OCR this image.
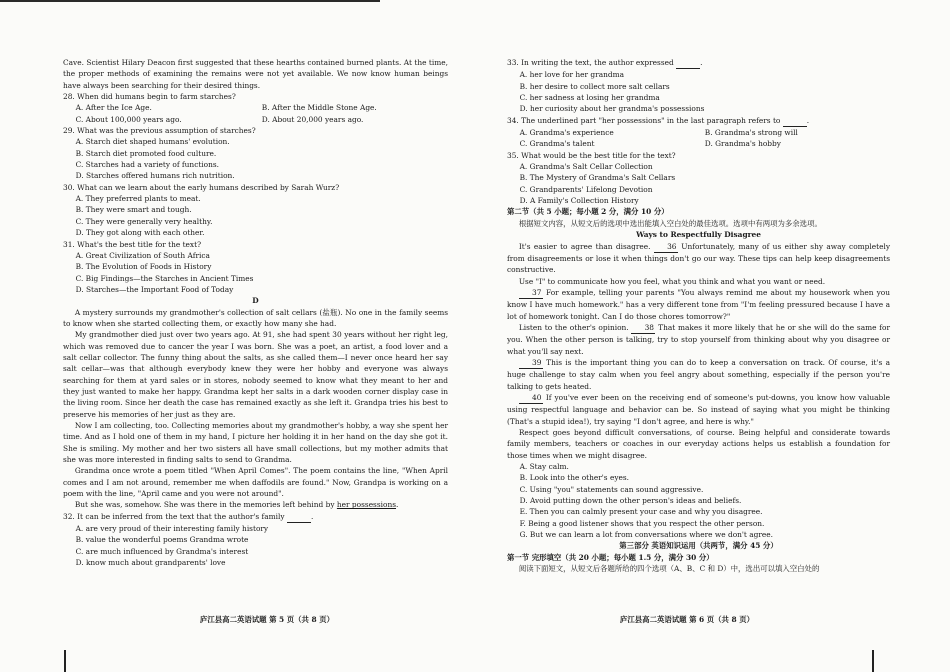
Cave. Scientist Hilary Deacon first suggested that these hearths contained burned plants. At the time, the proper methods of examining the remains were not yet available. We now know human beings have always been searching for their desired things.
28. When did humans begin to farm starches?
A. After the Ice Age.	B. After the Middle Stone Age.
C. About 100,000 years ago.	D. About 20,000 years ago.
29. What was the previous assumption of starches?
A. Starch diet shaped humans' evolution.
B. Starch diet promoted food culture.
C. Starches had a variety of functions.
D. Starches offered humans rich nutrition.
30. What can we learn about the early humans described by Sarah Wurz?
A. They preferred plants to meat.
B. They were smart and tough.
C. They were generally very healthy.
D. They got along with each other.
31. What's the best title for the text?
A. Great Civilization of South Africa
B. The Evolution of Foods in History
C. Big Findings—the Starches in Ancient Times
D. Starches—the Important Food of Today
D
A mystery surrounds my grandmother's collection of salt cellars (盐瓶). No one in the family seems to know when she started collecting them, or exactly how many she had.
My grandmother died just over two years ago. At 91, she had spent 30 years without her right leg, which was removed due to cancer the year I was born. She was a poet, an artist, a food lover and a salt cellar collector. The funny thing about the salts, as she called them—I never once heard her say salt cellar—was that although everybody knew they were her hobby and everyone was always searching for them at yard sales or in stores, nobody seemed to know what they meant to her and they just wanted to make her happy. Grandma kept her salts in a dark wooden corner display case in the living room. Since her death the case has remained exactly as she left it. Grandpa tries his best to preserve his memories of her just as they are.
Now I am collecting, too. Collecting memories about my grandmother's hobby, a way she spent her time. And as I hold one of them in my hand, I picture her holding it in her hand on the day she got it. She is smiling. My mother and her two sisters all have small collections, but my mother admits that she was more interested in finding salts to send to Grandma.
Grandma once wrote a poem titled "When April Comes". The poem contains the line, "When April comes and I am not around, remember me when daffodils are found." Now, Grandpa is working on a poem with the line, "April came and you were not around".
But she was, somehow. She was there in the memories left behind by her possessions.
32. It can be inferred from the text that the author's family	.
A. are very proud of their interesting family history
B. value the wonderful poems Grandma wrote
C. are much influenced by Grandma's interest
D. know much about grandparents' love
庐江县高二英语试题 第 5 页（共 8 页）
33. In writing the text, the author expressed	.
A. her love for her grandma
B. her desire to collect more salt cellars
C. her sadness at losing her grandma
D. her curiosity about her grandma's possessions
34. The underlined part "her possessions" in the last paragraph refers to	.
A. Grandma's experience	B. Grandma's strong will
C. Grandma's talent	D. Grandma's hobby
35. What would be the best title for the text?
A. Grandma's Salt Cellar Collection
B. The Mystery of Grandma's Salt Cellars
C. Grandparents' Lifelong Devotion
D. A Family's Collection History
第二节（共 5 小题；每小题 2 分，满分 10 分）
根据短文内容，从短文后的选项中选出能填入空白处的最佳选项。选项中有两项为多余选项。
Ways to Respectfully Disagree
It's easier to agree than disagree. 36 Unfortunately, many of us either shy away completely from disagreements or lose it when things don't go our way. These tips can help keep disagreements constructive.
Use "I" to communicate how you feel, what you think and what you want or need.
37 For example, telling your parents "You always remind me about my housework when you know I have much homework." has a very different tone from "I'm feeling pressured because I have a lot of homework tonight. Can I do those chores tomorrow?"
Listen to the other's opinion. 38 That makes it more likely that he or she will do the same for you. When the other person is talking, try to stop yourself from thinking about why you disagree or what you'll say next.
39 This is the important thing you can do to keep a conversation on track. Of course, it's a huge challenge to stay calm when you feel angry about something, especially if the person you're talking to gets heated.
40 If you've ever been on the receiving end of someone's put-downs, you know how valuable using respectful language and behavior can be. So instead of saying what you might be thinking (That's a stupid idea!), try saying "I don't agree, and here is why."
Respect goes beyond difficult conversations, of course. Being helpful and considerate towards family members, teachers or coaches in our everyday actions helps us establish a foundation for those times when we might disagree.
A. Stay calm.
B. Look into the other's eyes.
C. Using "you" statements can sound aggressive.
D. Avoid putting down the other person's ideas and beliefs.
E. Then you can calmly present your case and why you disagree.
F. Being a good listener shows that you respect the other person.
G. But we can learn a lot from conversations where we don't agree.
第三部分 英语知识运用（共两节，满分 45 分）
第一节 完形填空（共 20 小题；每小题 1.5 分，满分 30 分）
阅读下面短文，从短文后各题所给的四个选项（A、B、C 和 D）中，选出可以填入空白处的
庐江县高二英语试题 第 6 页（共 8 页）
